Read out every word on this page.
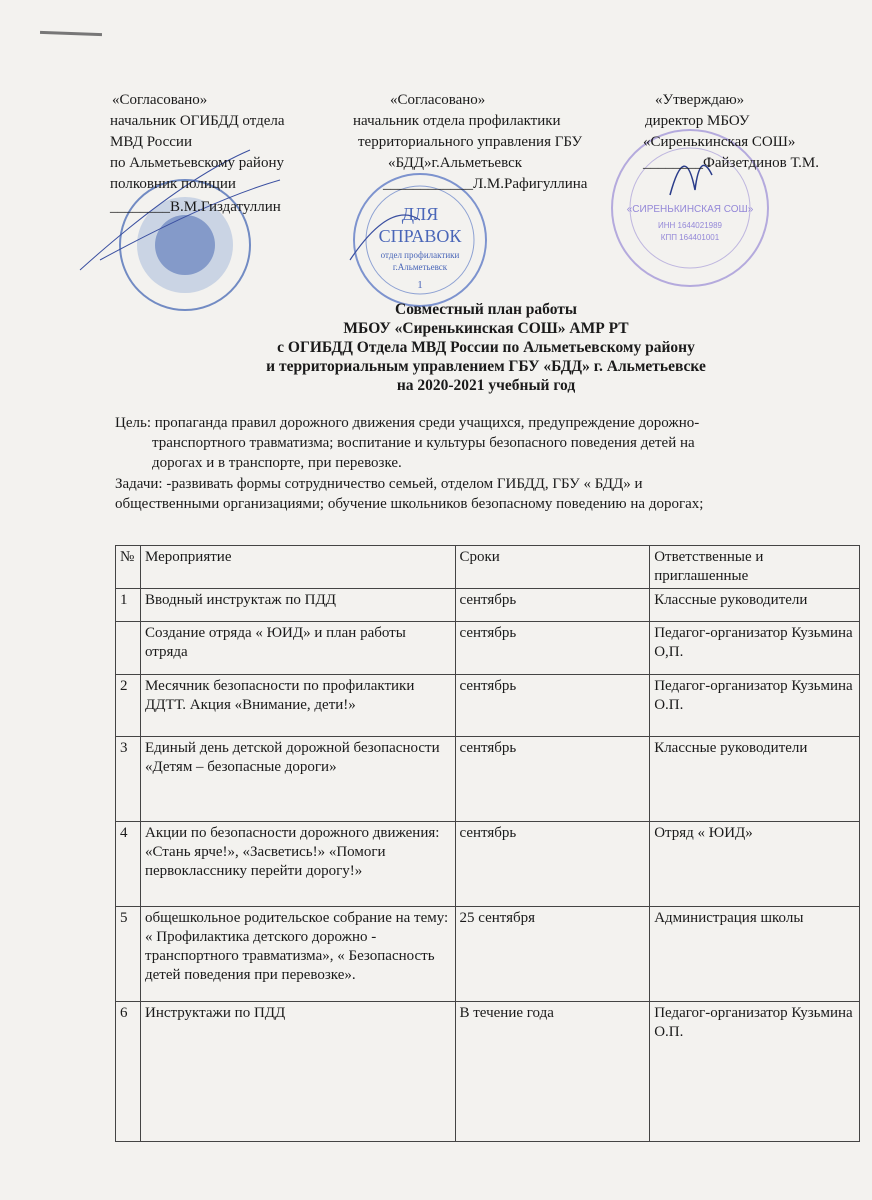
ДЛЯ
СПРАВОК
отдел профилактики
г.Альметьевск
1
«СИРЕНЬКИНСКАЯ СОШ»
ИНН 1644021989
КПП 164401001
«Согласовано»
начальник ОГИБДД отдела
МВД России
по Альметьевскому району
полковник полиции
________В.М.Гиздатуллин
«Согласовано»
начальник отдела профилактики
территориального управления ГБУ
«БДД»г.Альметьевск
____________Л.М.Рафигуллина
«Утверждаю»
директор МБОУ
«Сиренькинская СОШ»
________Файзетдинов Т.М.
Совместный план работы
МБОУ «Сиренькинская СОШ» АМР РТ
с ОГИБДД Отдела МВД России по Альметьевскому району
и территориальным управлением ГБУ «БДД» г. Альметьевске
на 2020-2021 учебный год
Цель: пропаганда правил дорожного движения среди учащихся, предупреждение дорожно-
транспортного травматизма; воспитание и культуры безопасного поведения детей на
дорогах и в транспорте, при перевозке.
Задачи: -развивать формы сотрудничество семьей, отделом ГИБДД, ГБУ « БДД» и
общественными организациями; обучение школьников безопасному поведению на дорогах;
№	Мероприятие	Сроки	Ответственные и приглашенные
1	Вводный инструктаж по ПДД	сентябрь	Классные руководители
	Создание отряда « ЮИД» и план работы отряда	сентябрь	Педагог-организатор Кузьмина О,П.
2	Месячник безопасности по профилактики ДДТТ. Акция «Внимание, дети!»	сентябрь	Педагог-организатор Кузьмина О.П.
3	Единый день детской дорожной безопасности «Детям – безопасные дороги»	сентябрь	Классные руководители
4	Акции по безопасности дорожного движения: «Стань ярче!», «Засветись!» «Помоги первокласснику перейти дорогу!»	сентябрь	Отряд « ЮИД»
5	общешкольное родительское собрание на тему: « Профилактика детского дорожно - транспортного травматизма», « Безопасность детей поведения при перевозке».	25 сентября	Администрация школы
6	Инструктажи по ПДД	В течение года	Педагог-организатор Кузьмина О.П.
